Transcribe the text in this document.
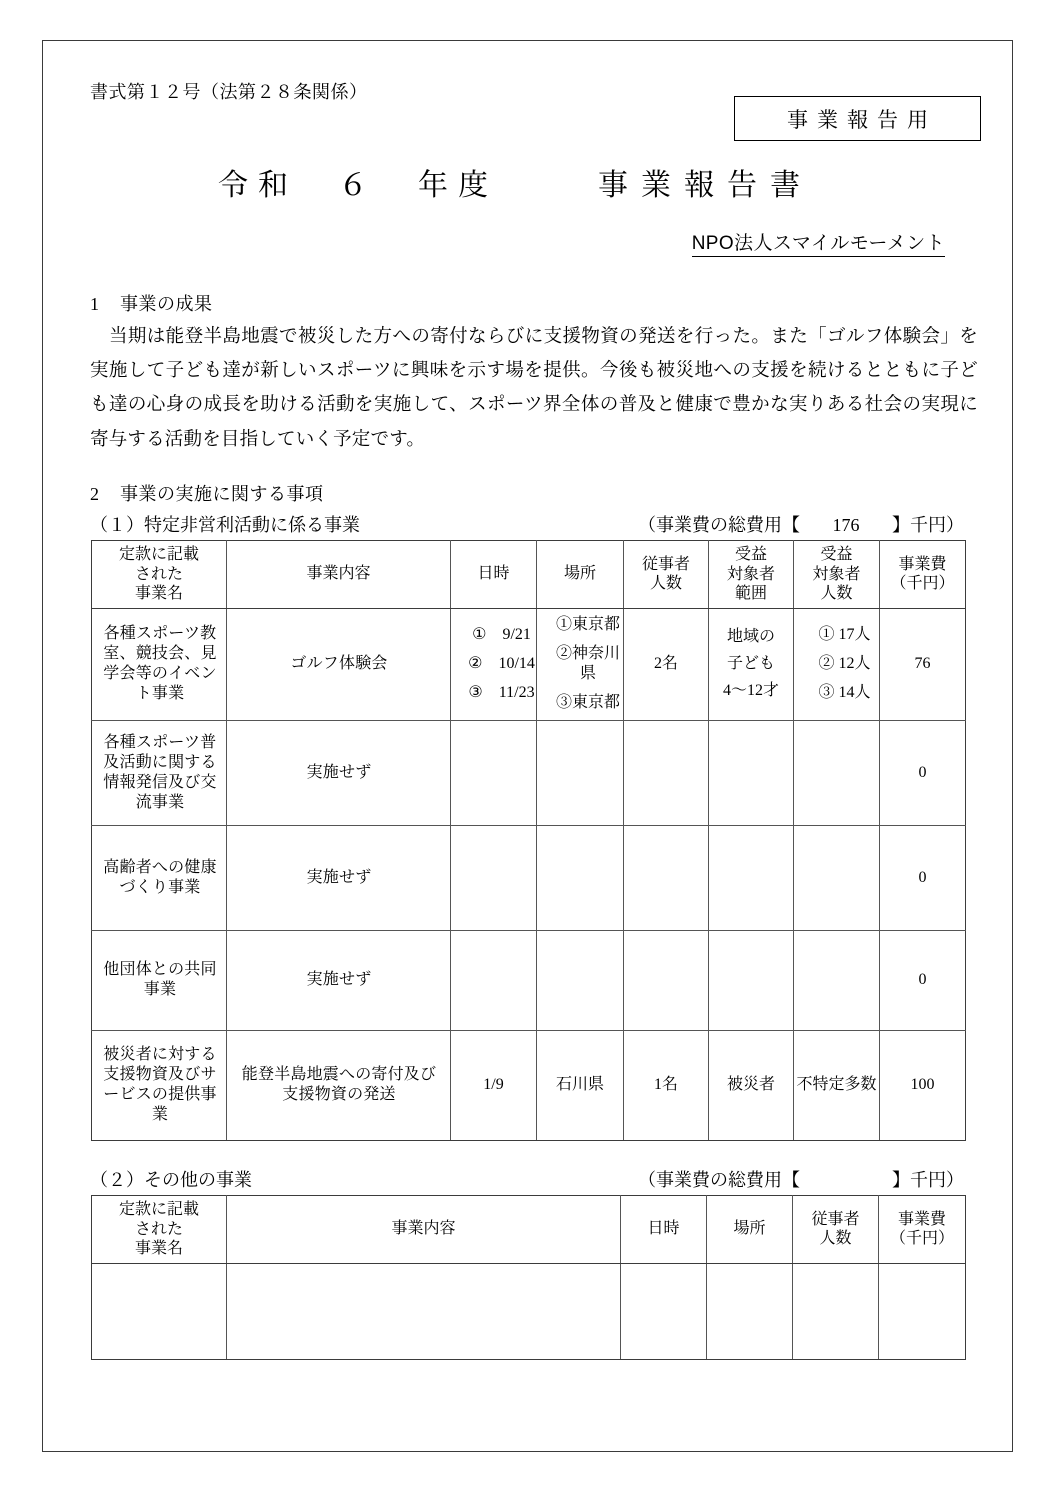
書式第１２号（法第２８条関係）
事業報告用
令和　６　年度	事業報告書
NPO法人スマイルモーメント
1 事業の成果
当期は能登半島地震で被災した方への寄付ならびに支援物資の発送を行った。また「ゴルフ体験会」を実施して子ども達が新しいスポーツに興味を示す場を提供。今後も被災地への支援を続けるとともに子ども達の心身の成長を助ける活動を実施して、スポーツ界全体の普及と健康で豊かな実りある社会の実現に寄与する活動を目指していく予定です。
2 事業の実施に関する事項
（１）特定非営利活動に係る事業	（事業費の総費用【 176 】千円）
定款に記載
された
事業名	事業内容	日時	場所	従事者
人数	受益
対象者
範囲	受益
対象者
人数	事業費
（千円）

各種スポーツ教室、競技会、見学会等のイベント事業	ゴルフ体験会	①　9/21
②　10/14
③　11/23	①東京都
②神奈川県
③東京都	2名	地域の
子ども
4～12才	① 17人
② 12人
③ 14人	76
各種スポーツ普及活動に関する情報発信及び交流事業	実施せず						0
高齢者への健康づくり事業	実施せず						0
他団体との共同事業	実施せず						0
被災者に対する支援物資及びサービスの提供事業	能登半島地震への寄付及び支援物資の発送	1/9	石川県	1名	被災者	不特定多数	100
（２）その他の事業	（事業費の総費用【	】千円）
定款に記載
された
事業名	事業内容	日時	場所	従事者
人数	事業費
（千円）
